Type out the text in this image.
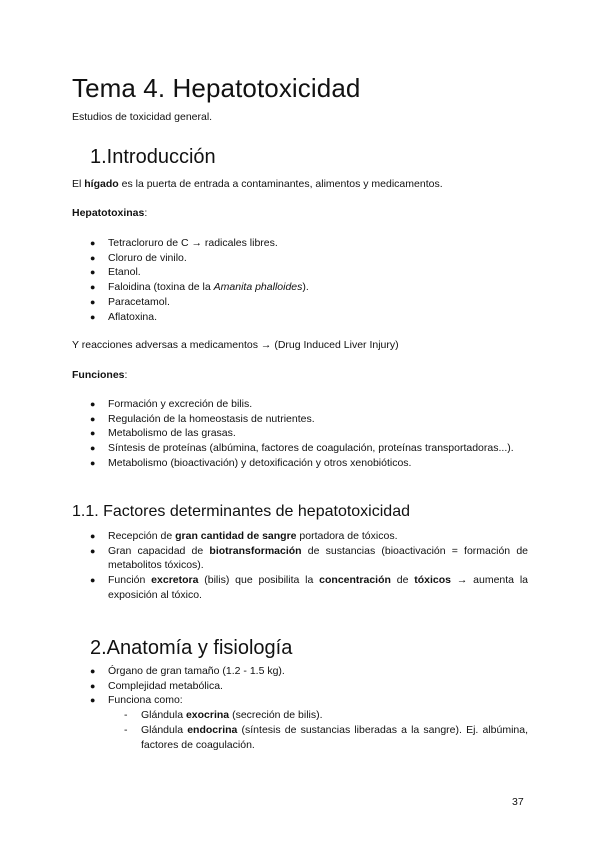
Tema 4. Hepatotoxicidad

Estudios de toxicidad general.

1.Introducción

El hígado es la puerta de entrada a contaminantes, alimentos y medicamentos.

Hepatotoxinas:

● Tetracloruro de C → radicales libres.
● Cloruro de vinilo.
● Etanol.
● Faloidina (toxina de la Amanita phalloides).
● Paracetamol.
● Aflatoxina.

Y reacciones adversas a medicamentos → (Drug Induced Liver Injury)

Funciones:

● Formación y excreción de bilis.
● Regulación de la homeostasis de nutrientes.
● Metabolismo de las grasas.
● Síntesis de proteínas (albúmina, factores de coagulación, proteínas transportadoras...).
● Metabolismo (bioactivación) y detoxificación y otros xenobióticos.
1.1. Factores determinantes de hepatotoxicidad
● Recepción de gran cantidad de sangre portadora de tóxicos.
● Gran capacidad de biotransformación de sustancias (bioactivación = formación de metabolitos tóxicos).
● Función excretora (bilis) que posibilita la concentración de tóxicos → aumenta la exposición al tóxico.
2.Anatomía y fisiología
● Órgano de gran tamaño (1.2 - 1.5 kg).
● Complejidad metabólica.
● Funciona como:
- Glándula exocrina (secreción de bilis).
- Glándula endocrina (síntesis de sustancias liberadas a la sangre). Ej. albúmina, factores de coagulación.

37
